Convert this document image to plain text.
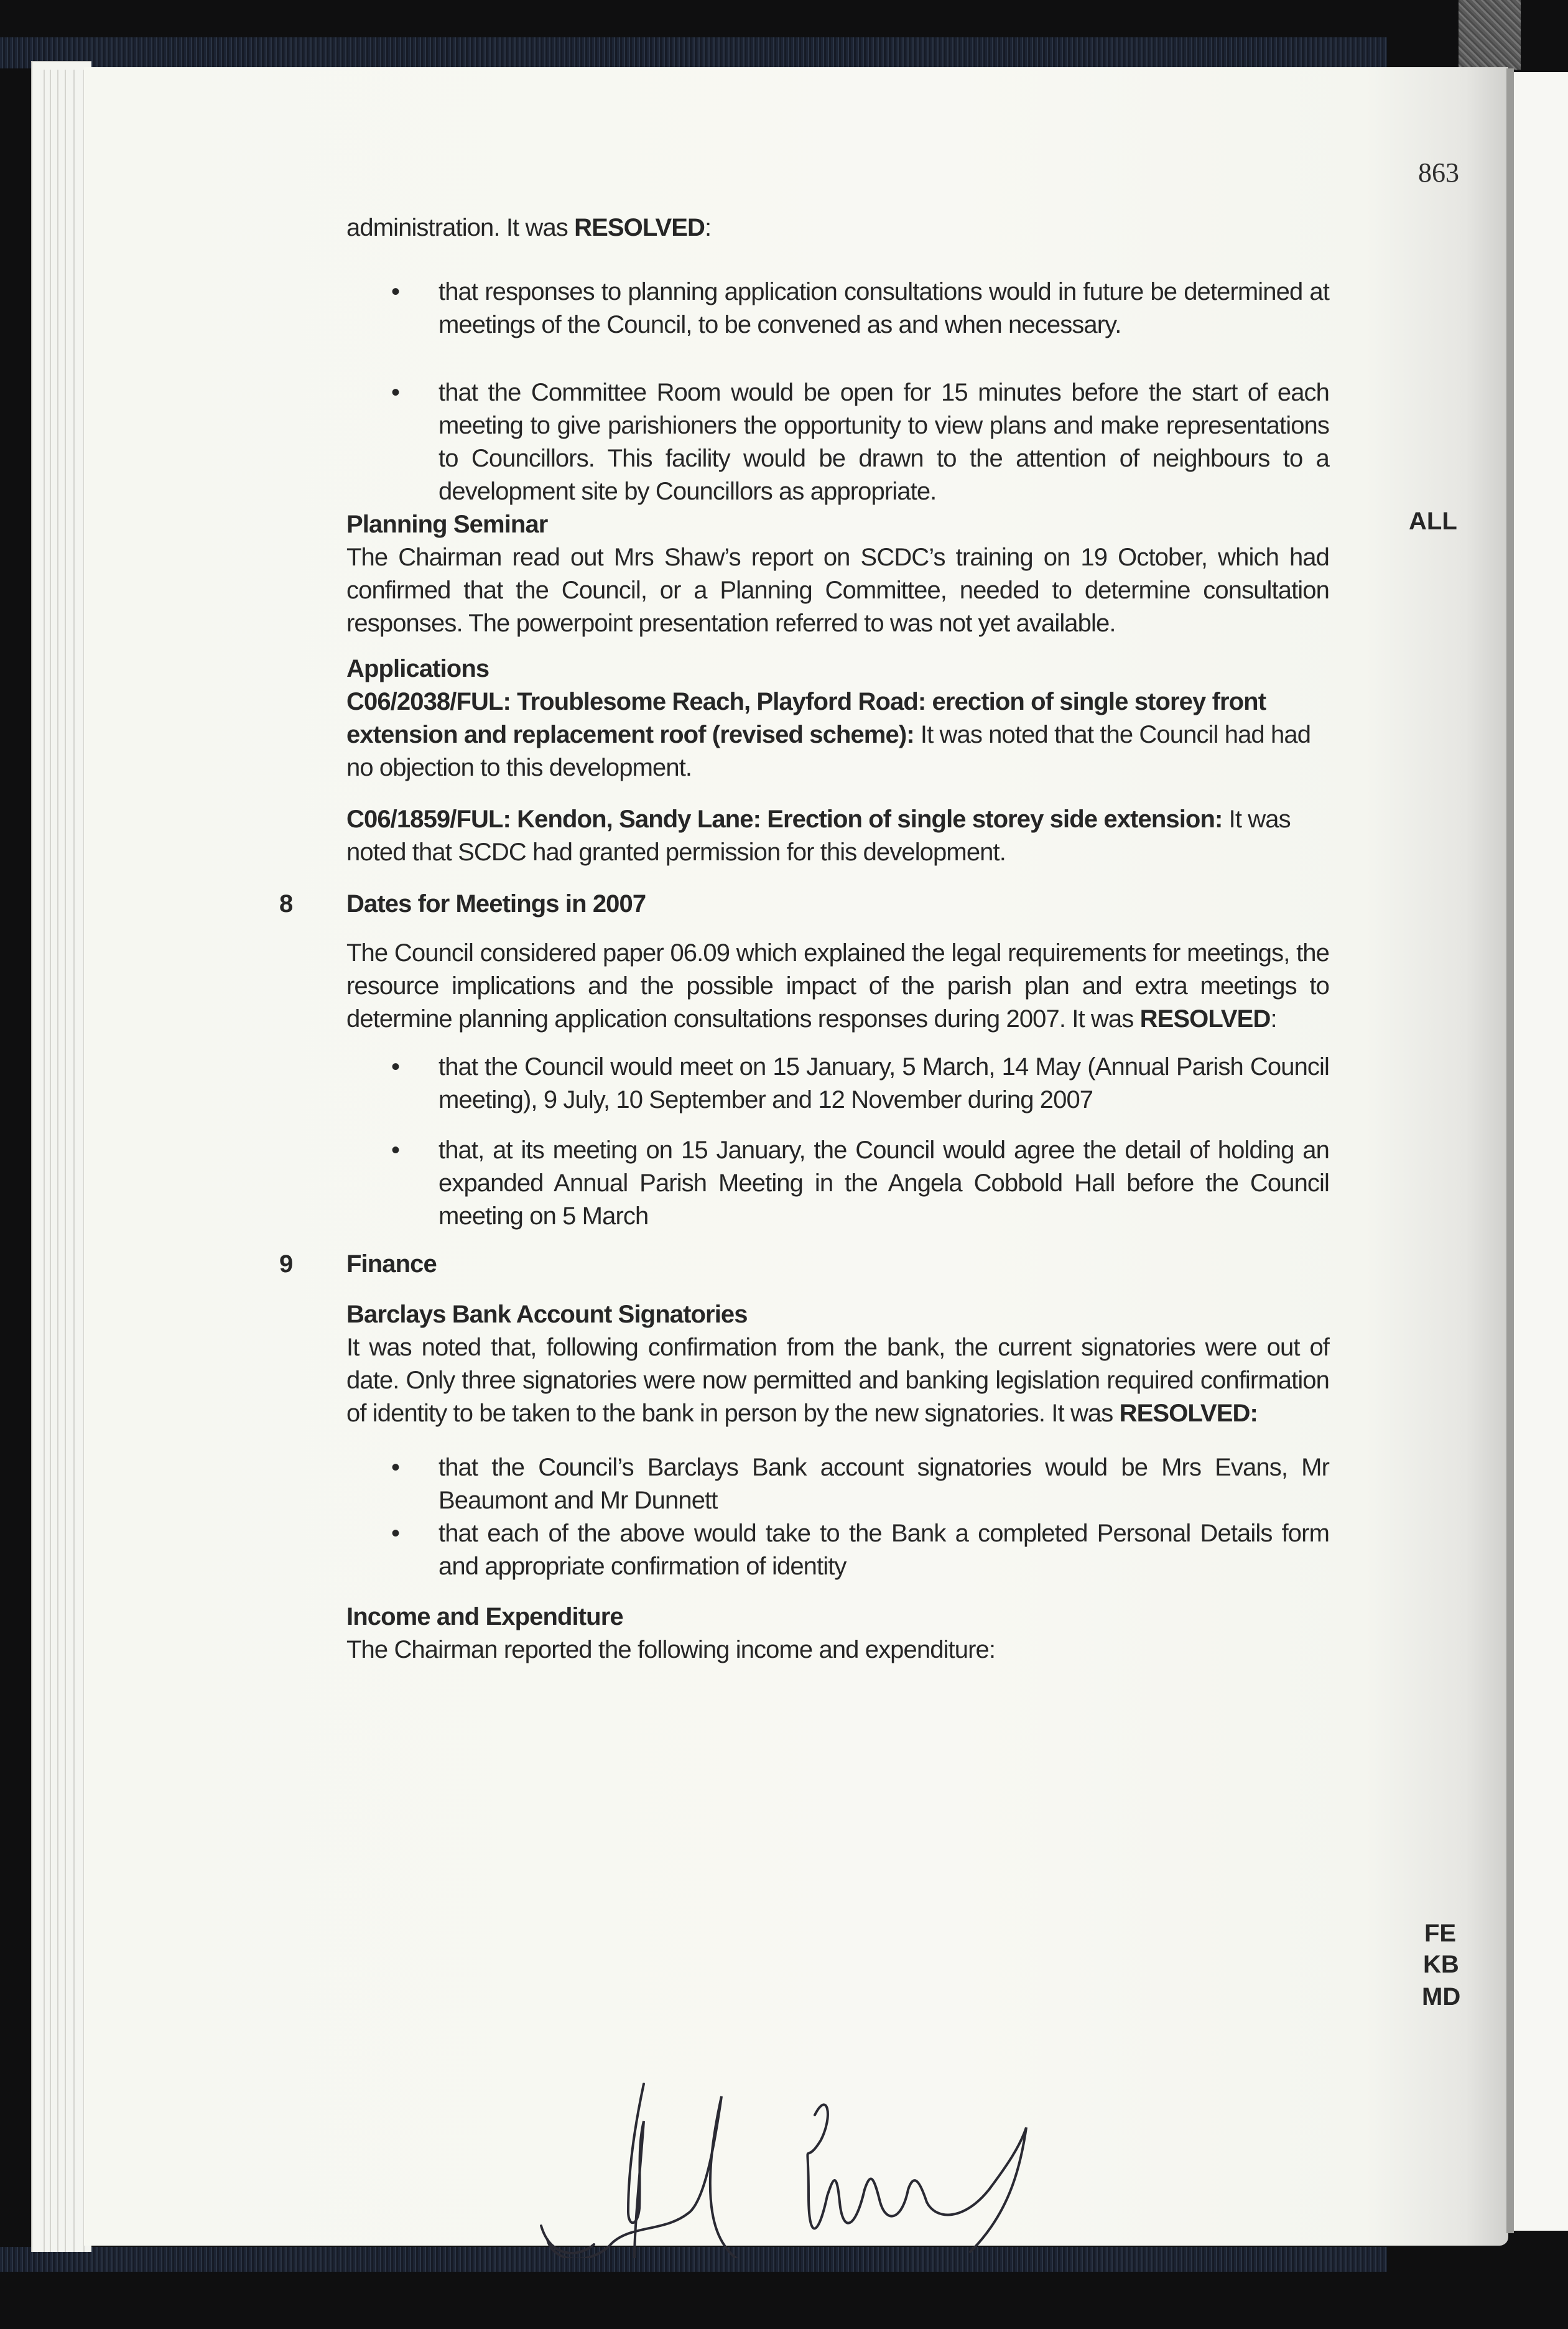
863

administration. It was RESOLVED:

• that responses to planning application consultations would in future be determined at meetings of the Council, to be convened as and when necessary.
• that the Committee Room would be open for 15 minutes before the start of each meeting to give parishioners the opportunity to view plans and make representations to Councillors. This facility would be drawn to the attention of neighbours to a development site by Councillors as appropriate.
Planning Seminar

The Chairman read out Mrs Shaw’s report on SCDC’s training on 19 October, which had confirmed that the Council, or a Planning Committee, needed to determine consultation responses. The powerpoint presentation referred to was not yet available.

Applications

C06/2038/FUL: Troublesome Reach, Playford Road: erection of single storey front extension and replacement roof (revised scheme): It was noted that the Council had had no objection to this development.

C06/1859/FUL: Kendon, Sandy Lane: Erection of single storey side extension: It was noted that SCDC had granted permission for this development.

8 Dates for Meetings in 2007

The Council considered paper 06.09 which explained the legal requirements for meetings, the resource implications and the possible impact of the parish plan and extra meetings to determine planning application consultations responses during 2007. It was RESOLVED:

• that the Council would meet on 15 January, 5 March, 14 May (Annual Parish Council meeting), 9 July, 10 September and 12 November during 2007
• that, at its meeting on 15 January, the Council would agree the detail of holding an expanded Annual Parish Meeting in the Angela Cobbold Hall before the Council meeting on 5 March
9 Finance
Barclays Bank Account Signatories

It was noted that, following confirmation from the bank, the current signatories were out of date. Only three signatories were now permitted and banking legislation required confirmation of identity to be taken to the bank in person by the new signatories. It was RESOLVED:

• that the Council’s Barclays Bank account signatories would be Mrs Evans, Mr Beaumont and Mr Dunnett
• that each of the above would take to the Bank a completed Personal Details form and appropriate confirmation of identity
Income and Expenditure

The Chairman reported the following income and expenditure:

ALL
FE
KB
MD
